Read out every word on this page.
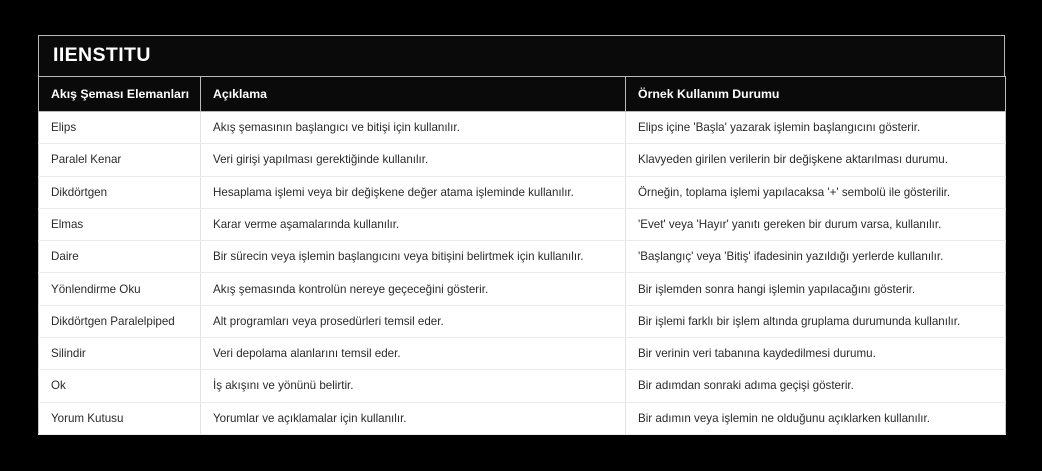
IIENSTITU
Akış Şeması Elemanları	Açıklama	Örnek Kullanım Durumu
Elips	Akış şemasının başlangıcı ve bitişi için kullanılır.	Elips içine 'Başla' yazarak işlemin başlangıcını gösterir.
Paralel Kenar	Veri girişi yapılması gerektiğinde kullanılır.	Klavyeden girilen verilerin bir değişkene aktarılması durumu.
Dikdörtgen	Hesaplama işlemi veya bir değişkene değer atama işleminde kullanılır.	Örneğin, toplama işlemi yapılacaksa '+' sembolü ile gösterilir.
Elmas	Karar verme aşamalarında kullanılır.	'Evet' veya 'Hayır' yanıtı gereken bir durum varsa, kullanılır.
Daire	Bir sürecin veya işlemin başlangıcını veya bitişini belirtmek için kullanılır.	'Başlangıç' veya 'Bitiş' ifadesinin yazıldığı yerlerde kullanılır.
Yönlendirme Oku	Akış şemasında kontrolün nereye geçeceğini gösterir.	Bir işlemden sonra hangi işlemin yapılacağını gösterir.
Dikdörtgen Paralelpiped	Alt programları veya prosedürleri temsil eder.	Bir işlemi farklı bir işlem altında gruplama durumunda kullanılır.
Silindir	Veri depolama alanlarını temsil eder.	Bir verinin veri tabanına kaydedilmesi durumu.
Ok	İş akışını ve yönünü belirtir.	Bir adımdan sonraki adıma geçişi gösterir.
Yorum Kutusu	Yorumlar ve açıklamalar için kullanılır.	Bir adımın veya işlemin ne olduğunu açıklarken kullanılır.
